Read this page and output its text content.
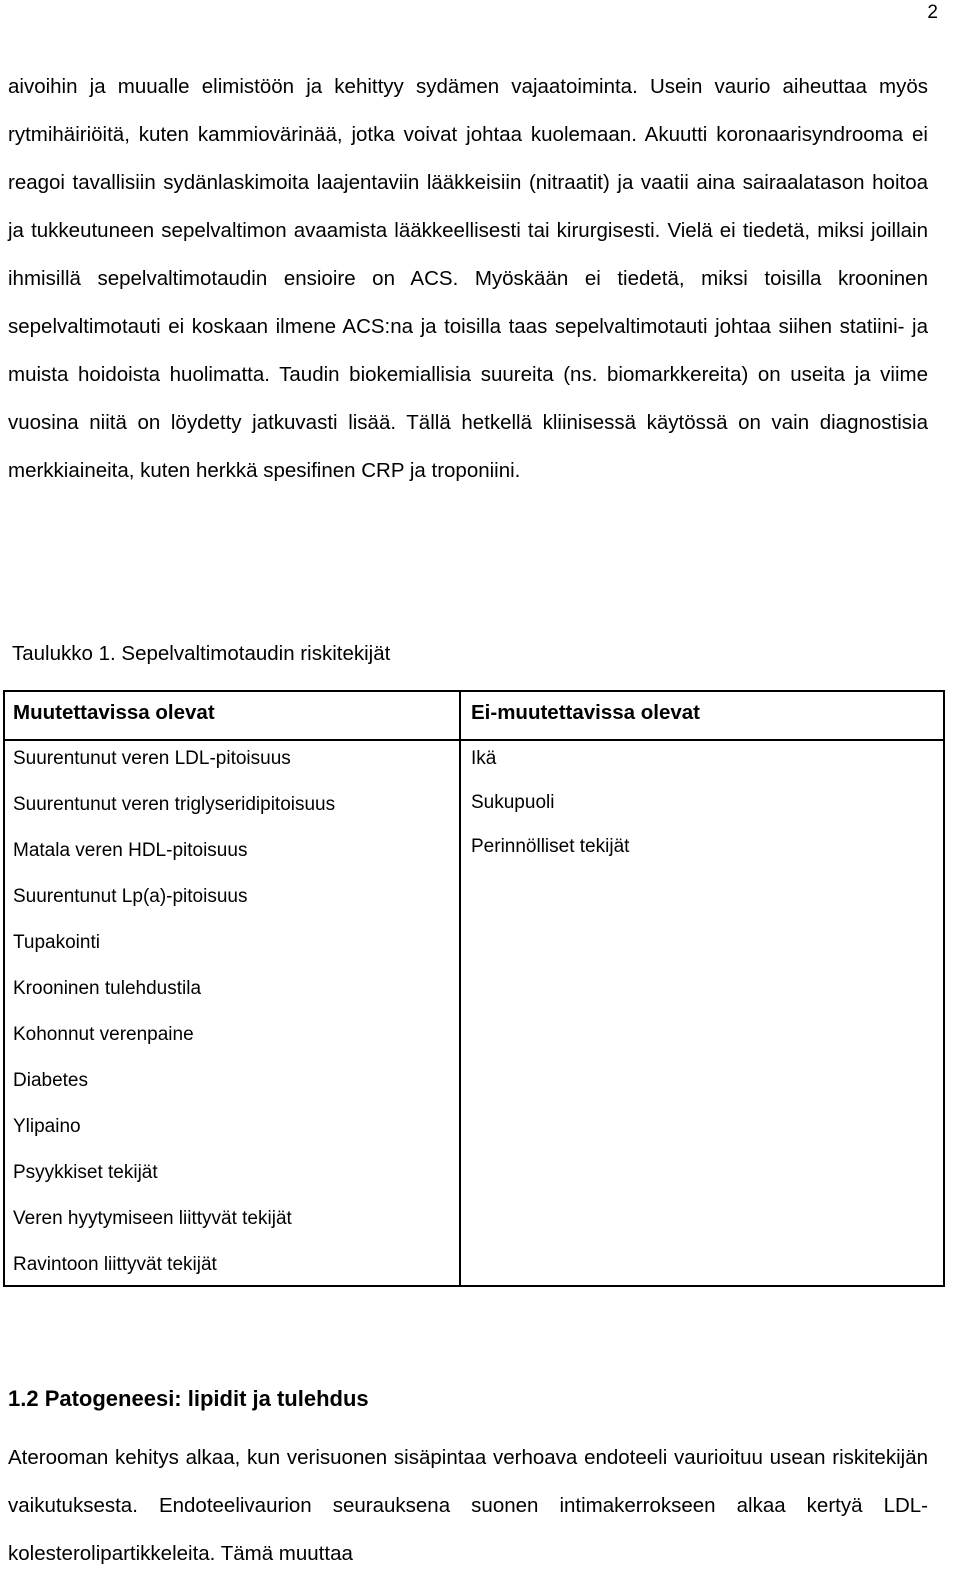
2

aivoihin ja muualle elimistöön ja kehittyy sydämen vajaatoiminta. Usein vaurio aiheuttaa myös rytmihäiriöitä, kuten kammiovärinää, jotka voivat johtaa kuolemaan. Akuutti koronaarisyndrooma ei reagoi tavallisiin sydänlaskimoita laajentaviin lääkkeisiin (nitraatit) ja vaatii aina sairaalatason hoitoa ja tukkeutuneen sepelvaltimon avaamista lääkkeellisesti tai kirurgisesti. Vielä ei tiedetä, miksi joillain ihmisillä sepelvaltimotaudin ensioire on ACS. Myöskään ei tiedetä, miksi toisilla krooninen sepelvaltimotauti ei koskaan ilmene ACS:na ja toisilla taas sepelvaltimotauti johtaa siihen statiini- ja muista hoidoista huolimatta. Taudin biokemiallisia suureita (ns. biomarkkereita) on useita ja viime vuosina niitä on löydetty jatkuvasti lisää. Tällä hetkellä kliinisessä käytössä on vain diagnostisia merkkiaineita, kuten herkkä spesifinen CRP ja troponiini.

Taulukko 1. Sepelvaltimotaudin riskitekijät

Muutettavissa olevat
Suurentunut veren LDL-pitoisuus
Suurentunut veren triglyseridipitoisuus
Matala veren HDL-pitoisuus
Suurentunut Lp(a)-pitoisuus
Tupakointi
Krooninen tulehdustila
Kohonnut verenpaine
Diabetes
Ylipaino
Psyykkiset tekijät
Veren hyytymiseen liittyvät tekijät
Ravintoon liittyvät tekijät
Ei-muutettavissa olevat
Ikä
Sukupuoli
Perinnölliset tekijät
1.2 Patogeneesi: lipidit ja tulehdus

Aterooman kehitys alkaa, kun verisuonen sisäpintaa verhoava endoteeli vaurioituu usean riskitekijän vaikutuksesta. Endoteelivaurion seurauksena suonen intimakerrokseen alkaa kertyä LDL-kolesterolipartikkeleita. Tämä muuttaa
